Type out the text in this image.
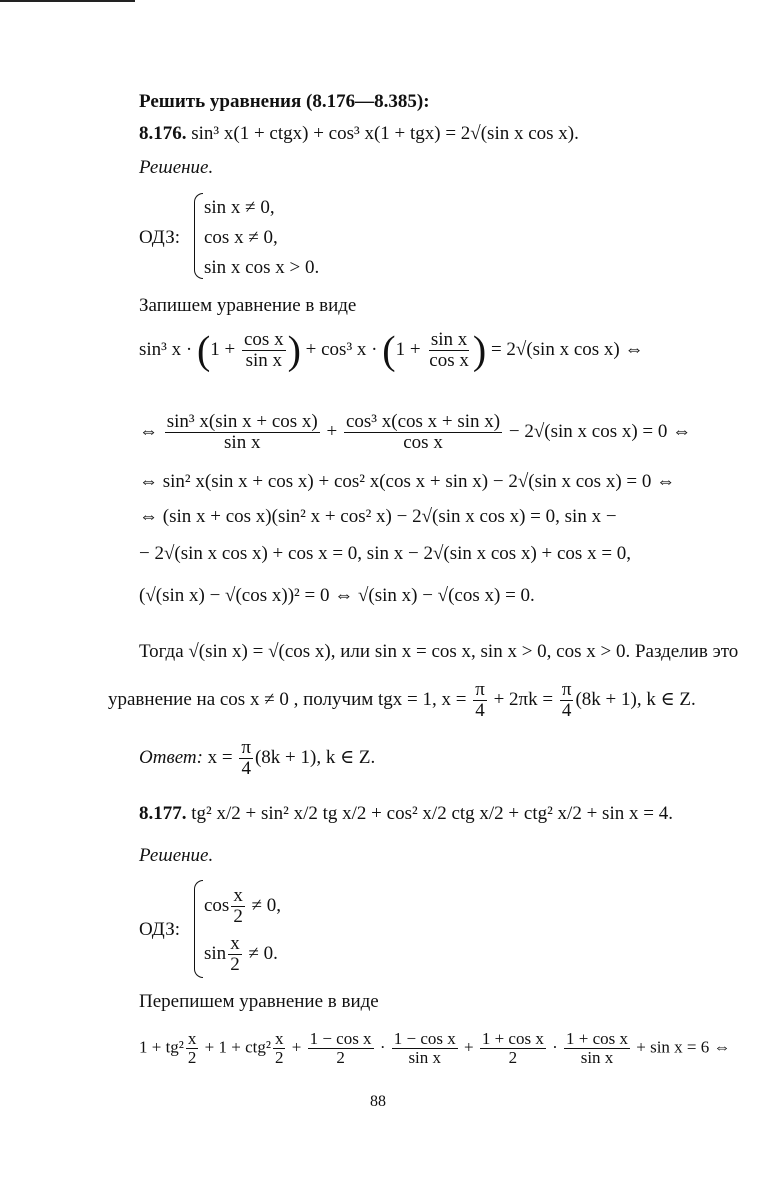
Решить уравнения (8.176—8.385):
8.176. sin³ x(1 + ctgx) + cos³ x(1 + tgx) = 2√(sin x cos x).
Решение.
ОДЗ:
sin x ≠ 0,
cos x ≠ 0,
sin x cos x > 0.
Запишем уравнение в виде
sin³ $x \cdot (1 + \frac{\text{cos x}}{\text{sin x}}$ ) + cos³ $x \cdot (1 + \frac{\text{sin x}}{\text{cos x}}$ ) = 2√(sin x cos x) ⇔
⇔ $\frac{\text{sin³ x(sin x + cos x)}}{\text{sin x}} + \frac{\text{cos³ x(cos x + sin x)}}{\text{cos x}} - 2√(\sin$ x cos x) = 0 ⇔
⇔ sin² x(sin x + cos x) + cos² x(cos x + sin x) − 2√(sin x cos x) = 0 ⇔
⇔ (sin x + cos x)(sin² x + cos² x) − 2√(sin x cos x) = 0, sin x −
− 2√(sin x cos x) + cos x = 0, sin x − 2√(sin x cos x) + cos x = 0,
(√(sin x) − √(cos x))² = 0 ⇔ √(sin x) − √(cos x) = 0.
Тогда √(sin x) = √(cos x), или sin x = cos x, sin x > 0, cos x > 0. Разделив это
уравнение на cos x ≠ 0 , получим tgx = 1, $x = \frac{\pi}{4} + 2\pi k = \frac{\pi}{4} (8k + 1)$, k ∈ Z.
Ответ: $x = \frac{\pi}{4} (8k + 1)$, k ∈ Z.
8.177. tg² x/2 + sin² x/2 tg x/2 + cos² x/2 ctg x/2 + ctg² x/2 + sin x = 4.
Решение.
ОДЗ:
$\cos \frac{x}{2} \ne 0$,
$\sin \frac{x}{2} \ne 0$.
Перепишем уравнение в виде
$1 + tg^2 \frac{x}{2} + 1 + ctg^2 \frac{x}{2} + \frac{\text{1 − cos x}}{2} \cdot \frac{\text{1 − cos x}}{\text{sin x}} + \frac{\text{1 + cos x}}{2} \cdot \frac{\text{1 + cos x}}{\text{sin x}} + \sin x = 6$ ⇔
88
